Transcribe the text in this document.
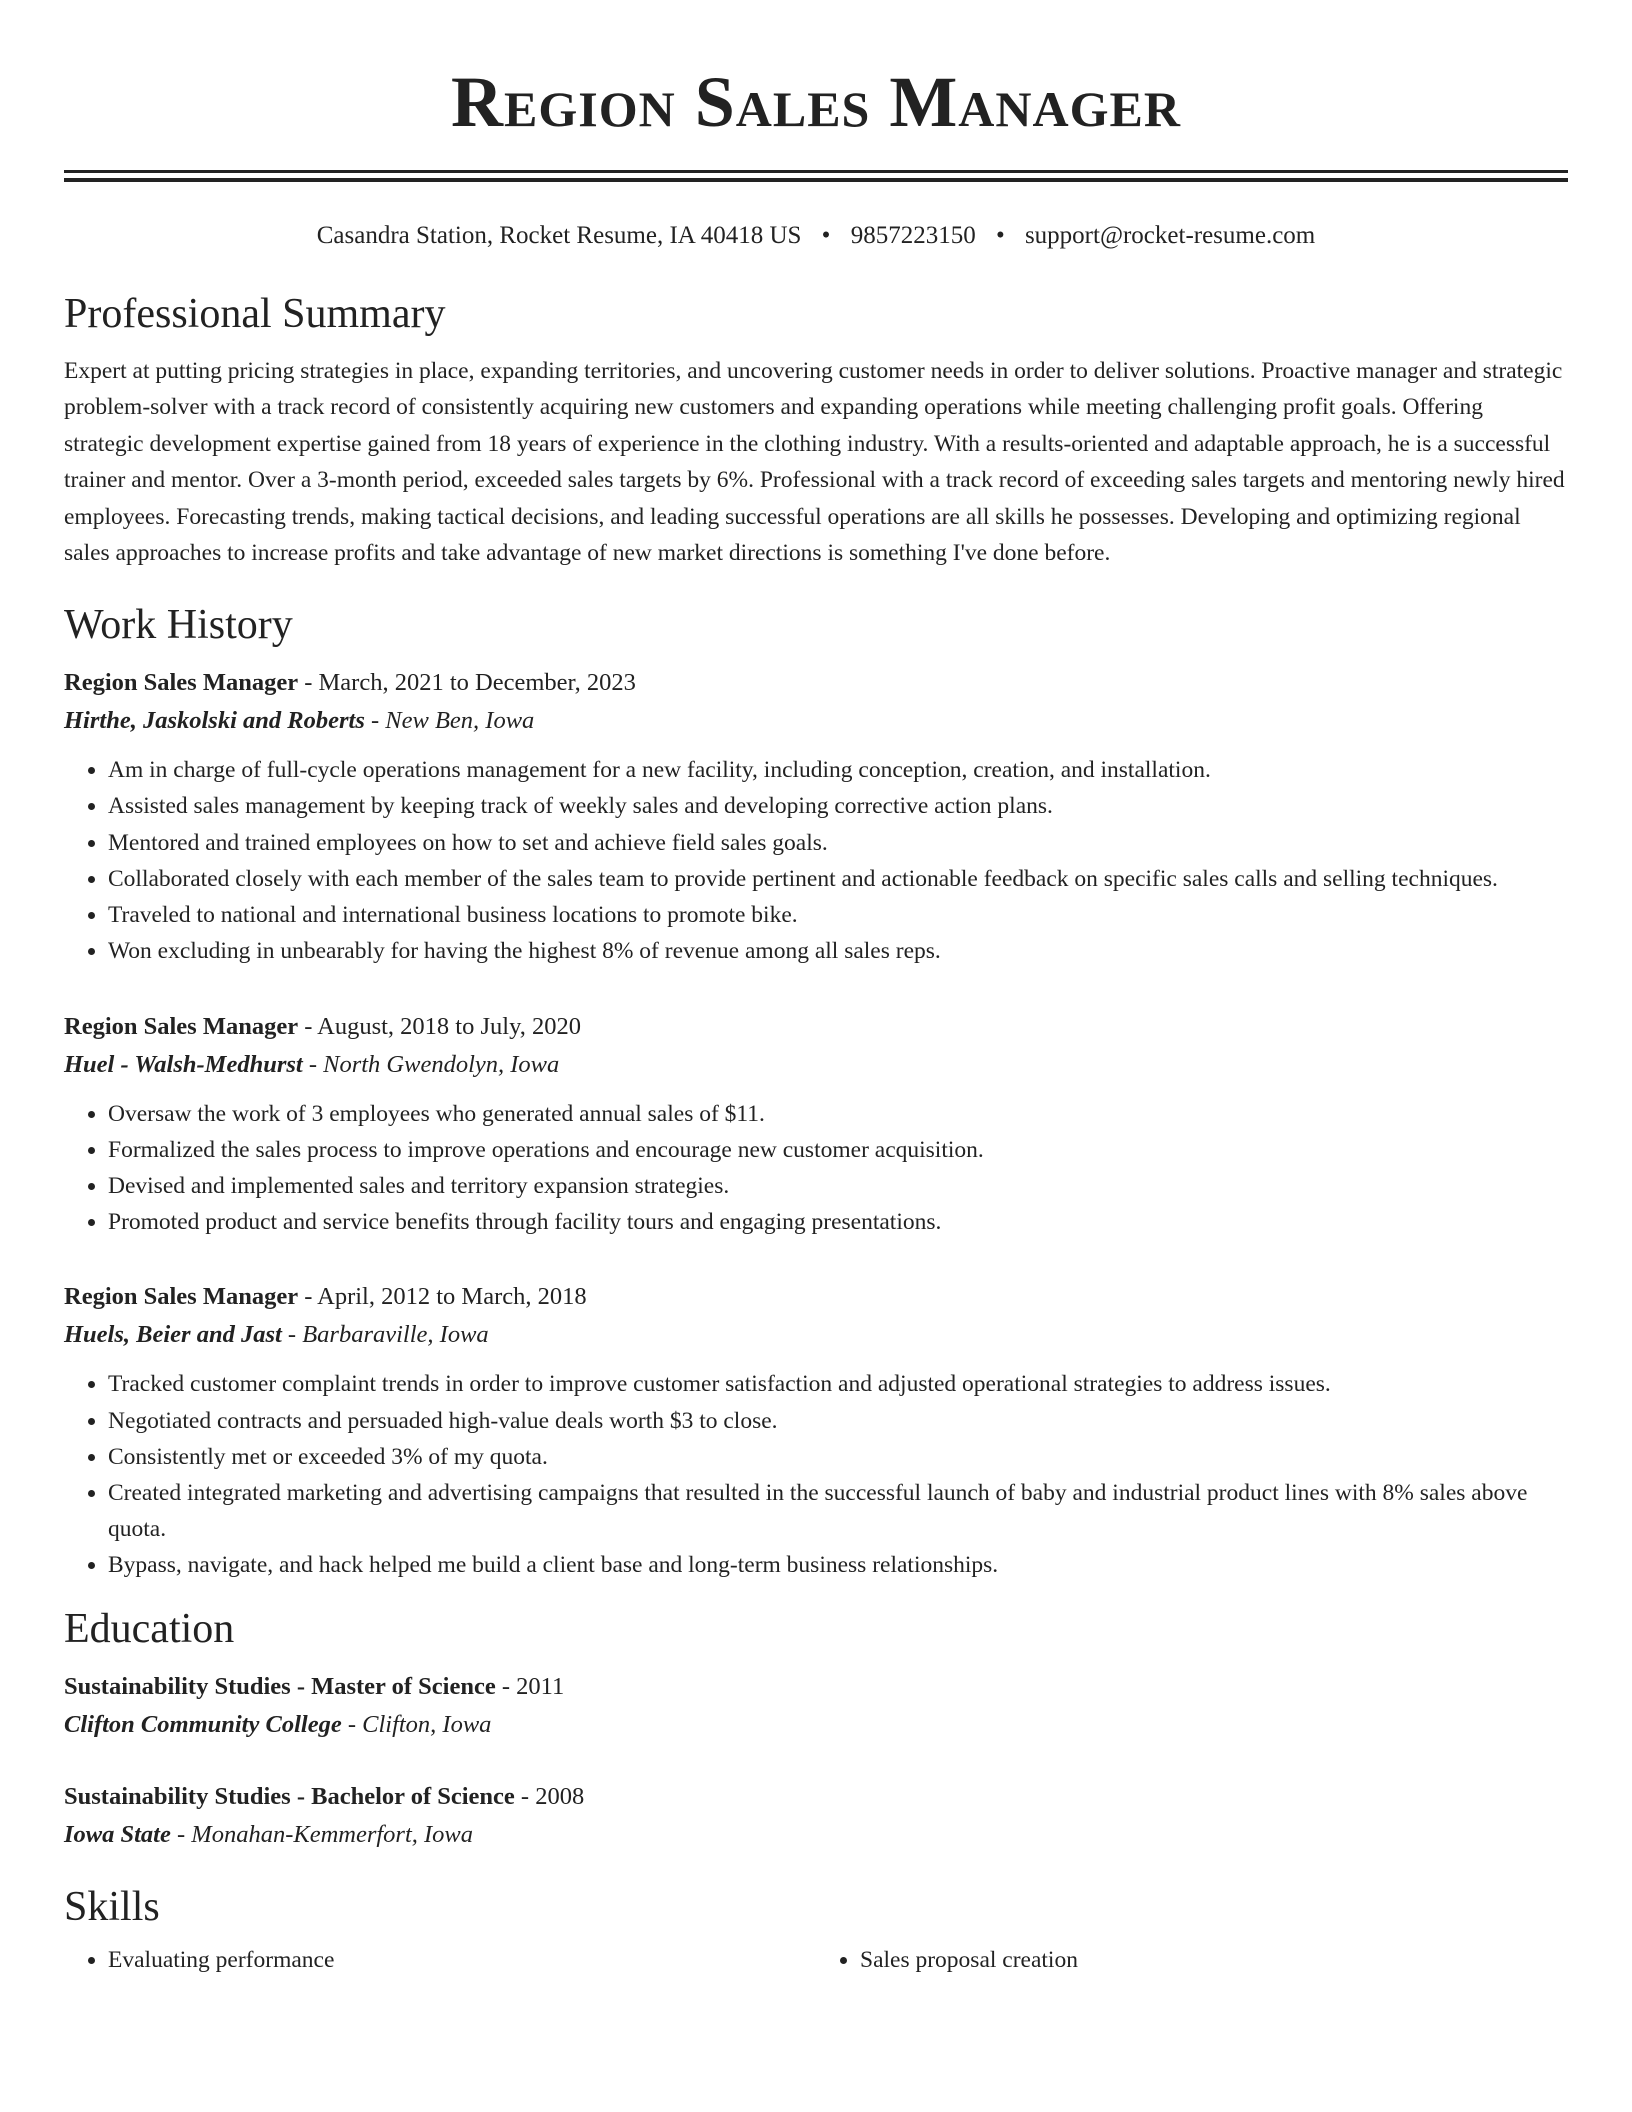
Region Sales Manager
Casandra Station, Rocket Resume, IA 40418 US • 9857223150 • support@rocket-resume.com
Professional Summary
Expert at putting pricing strategies in place, expanding territories, and uncovering customer needs in order to deliver solutions. Proactive manager and strategic problem-solver with a track record of consistently acquiring new customers and expanding operations while meeting challenging profit goals. Offering strategic development expertise gained from 18 years of experience in the clothing industry. With a results-oriented and adaptable approach, he is a successful trainer and mentor. Over a 3-month period, exceeded sales targets by 6%. Professional with a track record of exceeding sales targets and mentoring newly hired employees. Forecasting trends, making tactical decisions, and leading successful operations are all skills he possesses. Developing and optimizing regional sales approaches to increase profits and take advantage of new market directions is something I've done before.
Work History
Region Sales Manager - March, 2021 to December, 2023
Hirthe, Jaskolski and Roberts - New Ben, Iowa
• Am in charge of full-cycle operations management for a new facility, including conception, creation, and installation.
• Assisted sales management by keeping track of weekly sales and developing corrective action plans.
• Mentored and trained employees on how to set and achieve field sales goals.
• Collaborated closely with each member of the sales team to provide pertinent and actionable feedback on specific sales calls and selling techniques.
• Traveled to national and international business locations to promote bike.
• Won excluding in unbearably for having the highest 8% of revenue among all sales reps.
Region Sales Manager - August, 2018 to July, 2020
Huel - Walsh-Medhurst - North Gwendolyn, Iowa
• Oversaw the work of 3 employees who generated annual sales of $11.
• Formalized the sales process to improve operations and encourage new customer acquisition.
• Devised and implemented sales and territory expansion strategies.
• Promoted product and service benefits through facility tours and engaging presentations.
Region Sales Manager - April, 2012 to March, 2018
Huels, Beier and Jast - Barbaraville, Iowa
• Tracked customer complaint trends in order to improve customer satisfaction and adjusted operational strategies to address issues.
• Negotiated contracts and persuaded high-value deals worth $3 to close.
• Consistently met or exceeded 3% of my quota.
• Created integrated marketing and advertising campaigns that resulted in the successful launch of baby and industrial product lines with 8% sales above quota.
• Bypass, navigate, and hack helped me build a client base and long-term business relationships.
Education
Sustainability Studies - Master of Science - 2011
Clifton Community College - Clifton, Iowa
Sustainability Studies - Bachelor of Science - 2008
Iowa State - Monahan-Kemmerfort, Iowa
Skills
• Evaluating performance
•	Sales proposal creation
